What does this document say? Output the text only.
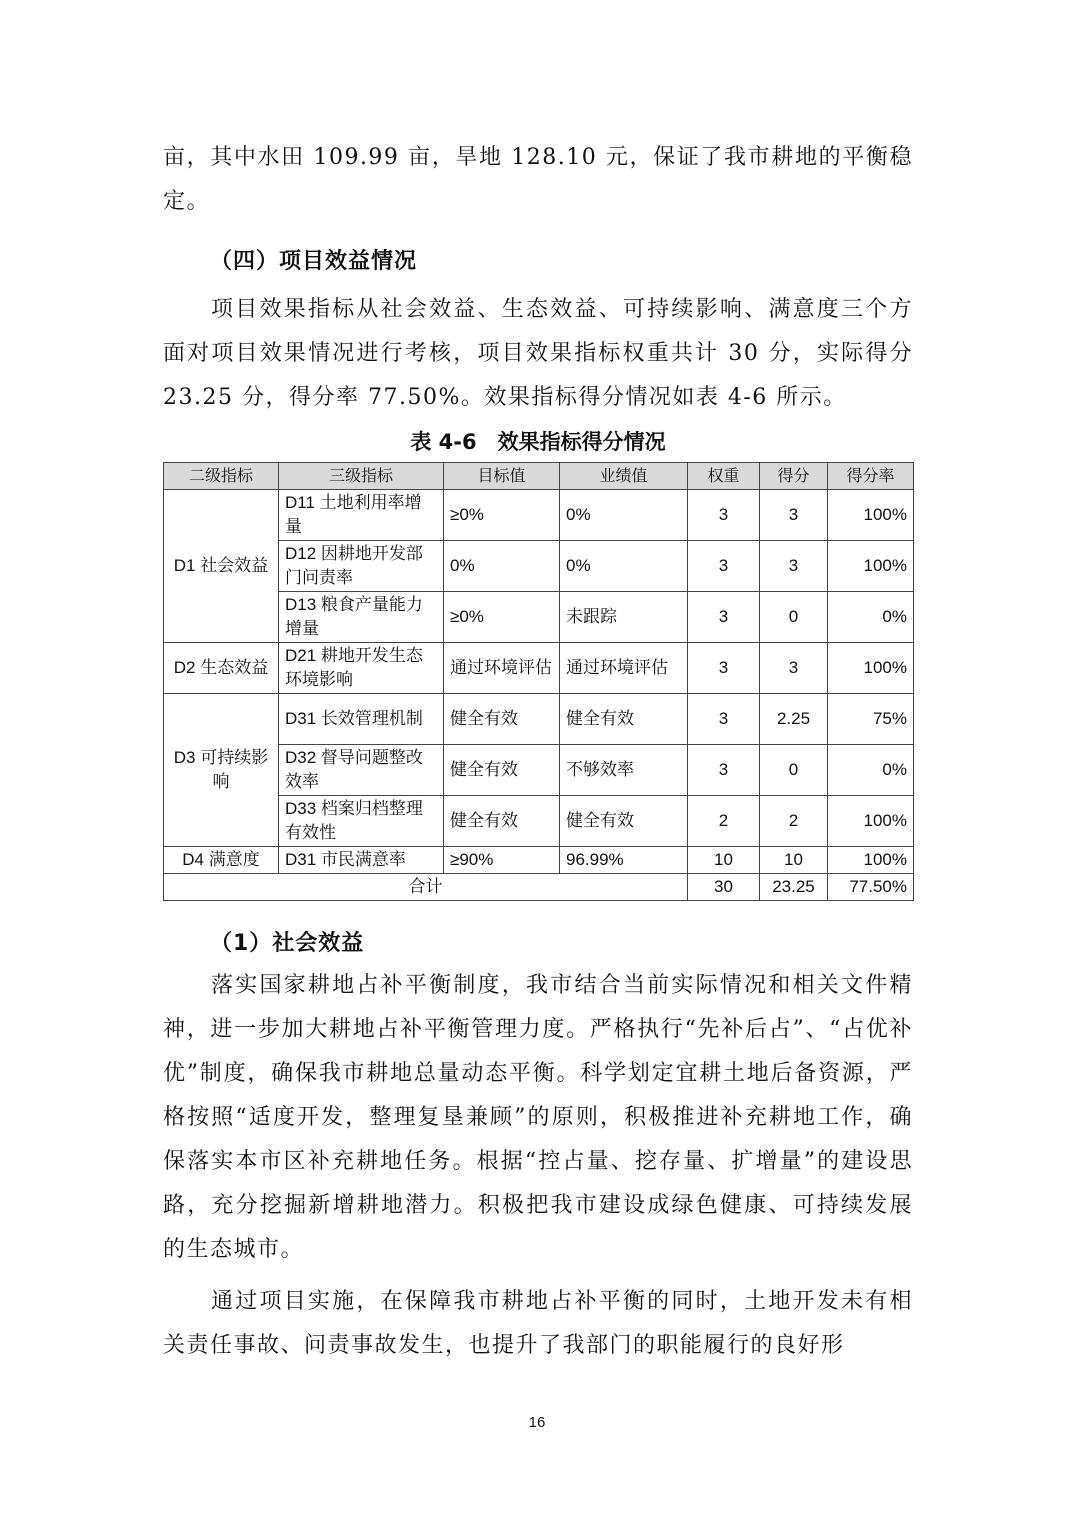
亩，其中水田 109.99 亩，旱地 128.10 元，保证了我市耕地的平衡稳定。

（四）项目效益情况

项目效果指标从社会效益、生态效益、可持续影响、满意度三个方面对项目效果情况进行考核，项目效果指标权重共计 30 分，实际得分 23.25 分，得分率 77.50%。效果指标得分情况如表 4-6 所示。

表 4-6　效果指标得分情况

二级指标	三级指标	目标值	业绩值	权重	得分	得分率
D1 社会效益	D11 土地利用率增量	≥0%	0%	3	3	100%
	D12 因耕地开发部门问责率	0%	0%	3	3	100%
	D13 粮食产量能力增量	≥0%	未跟踪	3	0	0%
D2 生态效益	D21 耕地开发生态环境影响	通过环境评估	通过环境评估	3	3	100%
D3 可持续影响	D31 长效管理机制	健全有效	健全有效	3	2.25	75%
	D32 督导问题整改效率	健全有效	不够效率	3	0	0%
	D33 档案归档整理有效性	健全有效	健全有效	2	2	100%
D4 满意度	D31 市民满意率	≥90%	96.99%	10	10	100%
合计				30	23.25	77.50%
（1）社会效益

落实国家耕地占补平衡制度，我市结合当前实际情况和相关文件精神，进一步加大耕地占补平衡管理力度。严格执行“先补后占”、“占优补优”制度，确保我市耕地总量动态平衡。科学划定宜耕土地后备资源，严格按照“适度开发，整理复垦兼顾”的原则，积极推进补充耕地工作，确保落实本市区补充耕地任务。根据“控占量、挖存量、扩增量”的建设思路，充分挖掘新增耕地潜力。积极把我市建设成绿色健康、可持续发展的生态城市。

通过项目实施，在保障我市耕地占补平衡的同时，土地开发未有相关责任事故、问责事故发生，也提升了我部门的职能履行的良好形

16
